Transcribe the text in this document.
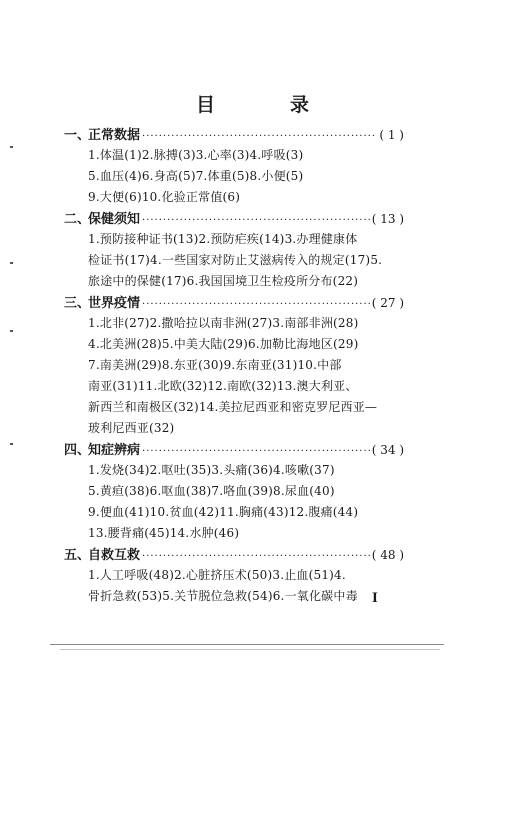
目　录
一、
正常数据 ·····	( 1 )
1.体温(1)2.脉搏(3)3.心率(3)4.呼吸(3)
5.血压(4)6.身高(5)7.体重(5)8.小便(5)
9.大便(6)10.化验正常值(6)
二、
保健须知 ·····	( 13 )
1.预防接种证书(13)2.预防疟疾(14)3.办理健康体
检证书(17)4.一些国家对防止艾滋病传入的规定(17)5.
旅途中的保健(17)6.我国国境卫生检疫所分布(22)
三、
世界疫情 ·····	( 27 )
1.北非(27)2.撒哈拉以南非洲(27)3.南部非洲(28)
4.北美洲(28)5.中美大陆(29)6.加勒比海地区(29)
7.南美洲(29)8.东亚(30)9.东南亚(31)10.中部
南亚(31)11.北欧(32)12.南欧(32)13.澳大利亚、
新西兰和南极区(32)14.美拉尼西亚和密克罗尼西亚—
玻利尼西亚(32)
四、
知症辨病 ·····	( 34 )
1.发烧(34)2.呕吐(35)3.头痛(36)4.咳嗽(37)
5.黄疸(38)6.呕血(38)7.咯血(39)8.尿血(40)
9.便血(41)10.贫血(42)11.胸痛(43)12.腹痛(44)
13.腰背痛(45)14.水肿(46)
五、
自救互救 ·····	( 48 )
1.人工呼吸(48)2.心脏挤压术(50)3.止血(51)4.
骨折急救(53)5.关节脱位急救(54)6.一氧化碳中毒 I
